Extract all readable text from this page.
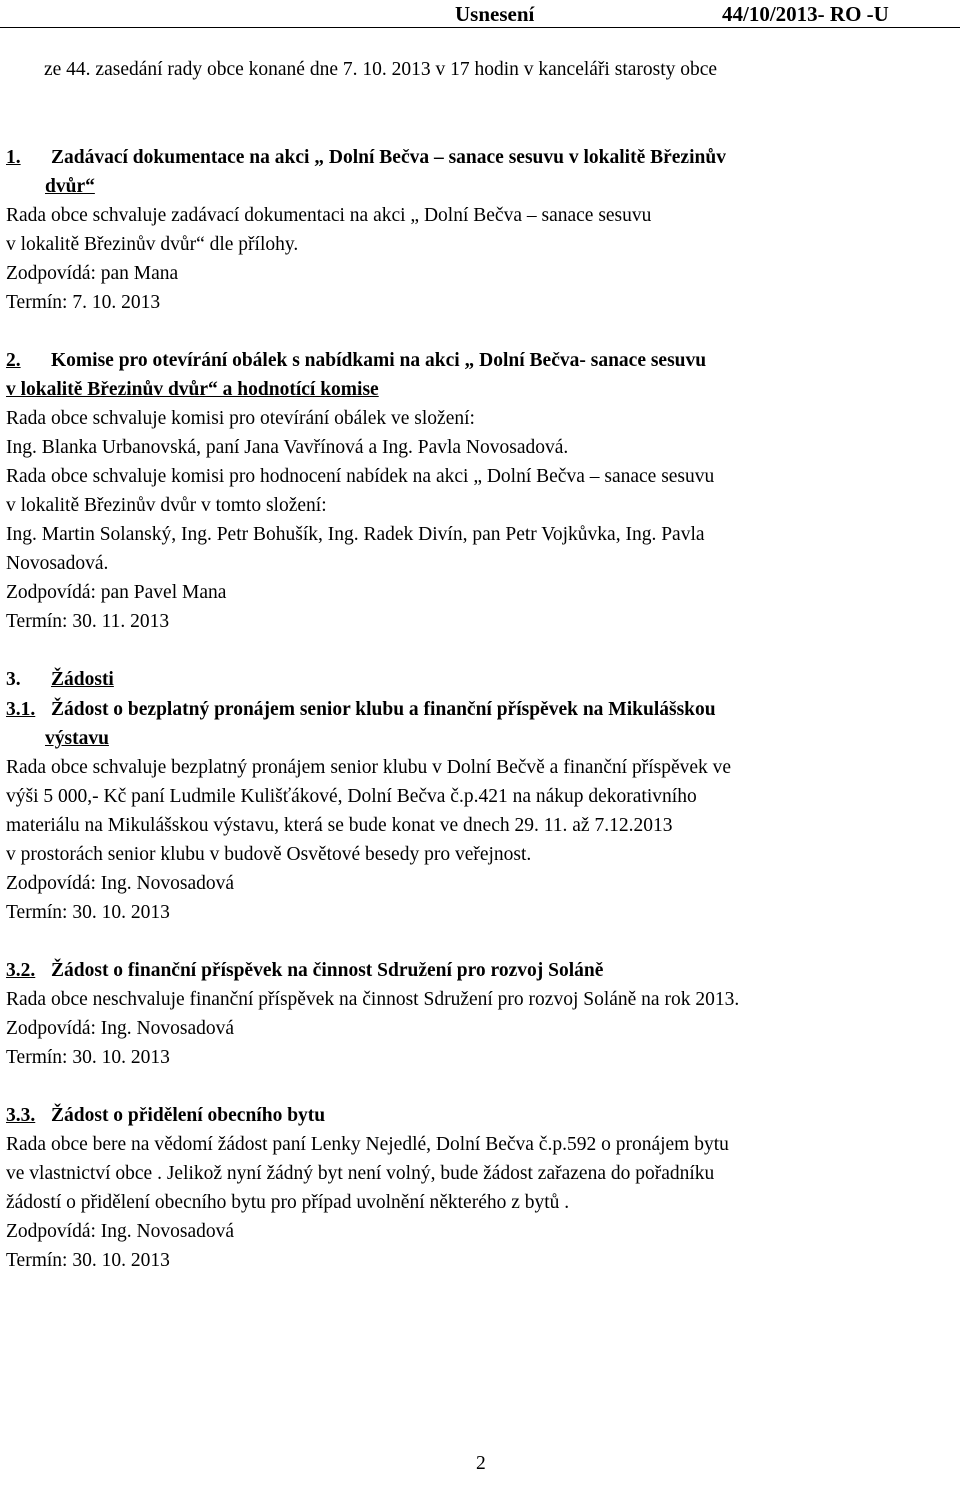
Usnesení	44/10/2013- RO -U
ze 44. zasedání rady obce konané dne 7. 10. 2013 v 17 hodin v kanceláři starosty obce
1. Zadávací dokumentace na akci „ Dolní Bečva – sanace sesuvu v lokalitě Březinův
dvůr“
Rada obce schvaluje zadávací dokumentaci na akci „ Dolní Bečva – sanace sesuvu
v lokalitě Březinův dvůr“ dle přílohy.
Zodpovídá: pan Mana
Termín: 7. 10. 2013
2. Komise pro otevírání obálek s nabídkami na akci „ Dolní Bečva- sanace sesuvu
v lokalitě Březinův dvůr“ a hodnotící komise
Rada obce schvaluje komisi pro otevírání obálek ve složení:
Ing. Blanka Urbanovská, paní Jana Vavřínová a Ing. Pavla Novosadová.
Rada obce schvaluje komisi pro hodnocení nabídek na akci „ Dolní Bečva – sanace sesuvu
v lokalitě Březinův dvůr v tomto složení:
Ing. Martin Solanský, Ing. Petr Bohušík, Ing. Radek Divín, pan Petr Vojkůvka, Ing. Pavla
Novosadová.
Zodpovídá: pan Pavel Mana
Termín: 30. 11. 2013
3. Žádosti
3.1. Žádost o bezplatný pronájem senior klubu a finanční příspěvek na Mikulášskou
výstavu
Rada obce schvaluje bezplatný pronájem senior klubu v Dolní Bečvě a finanční příspěvek ve
výši 5 000,- Kč paní Ludmile Kulišťákové, Dolní Bečva č.p.421 na nákup dekorativního
materiálu na Mikulášskou výstavu, která se bude konat ve dnech 29. 11. až 7.12.2013
v prostorách senior klubu v budově Osvětové besedy pro veřejnost.
Zodpovídá: Ing. Novosadová
Termín: 30. 10. 2013
3.2. Žádost o finanční příspěvek na činnost Sdružení pro rozvoj Soláně
Rada obce neschvaluje finanční příspěvek na činnost Sdružení pro rozvoj Soláně na rok 2013.
Zodpovídá: Ing. Novosadová
Termín: 30. 10. 2013
3.3. Žádost o přidělení obecního bytu
Rada obce bere na vědomí žádost paní Lenky Nejedlé, Dolní Bečva č.p.592 o pronájem bytu
ve vlastnictví obce . Jelikož nyní žádný byt není volný, bude žádost zařazena do pořadníku
žádostí o přidělení obecního bytu pro případ uvolnění některého z bytů .
Zodpovídá: Ing. Novosadová
Termín: 30. 10. 2013
2
